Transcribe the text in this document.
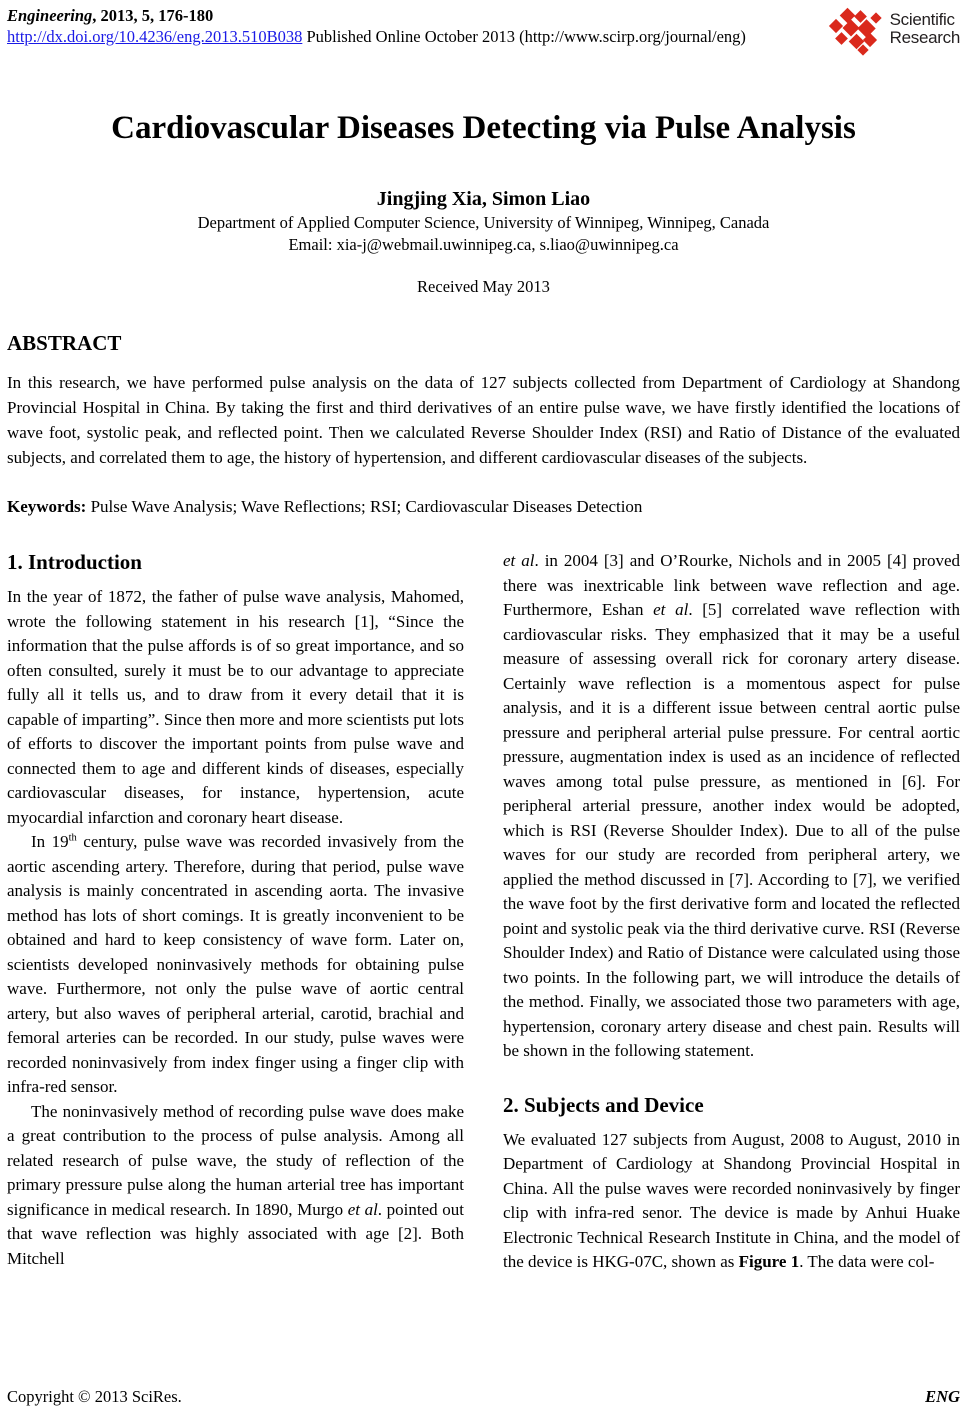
Engineering, 2013, 5, 176-180
http://dx.doi.org/10.4236/eng.2013.510B038 Published Online October 2013 (http://www.scirp.org/journal/eng)
Scientific
Research
Cardiovascular Diseases Detecting via Pulse Analysis
Jingjing Xia, Simon Liao
Department of Applied Computer Science, University of Winnipeg, Winnipeg, Canada
Email: xia-j@webmail.uwinnipeg.ca, s.liao@uwinnipeg.ca
Received May 2013
ABSTRACT

In this research, we have performed pulse analysis on the data of 127 subjects collected from Department of Cardiology at Shandong Provincial Hospital in China. By taking the first and third derivatives of an entire pulse wave, we have firstly identified the locations of wave foot, systolic peak, and reflected point. Then we calculated Reverse Shoulder Index (RSI) and Ratio of Distance of the evaluated subjects, and correlated them to age, the history of hypertension, and different cardiovascular diseases of the subjects.

Keywords: Pulse Wave Analysis; Wave Reflections; RSI; Cardiovascular Diseases Detection

1. Introduction

In the year of 1872, the father of pulse wave analysis, Mahomed, wrote the following statement in his research [1], “Since the information that the pulse affords is of so great importance, and so often consulted, surely it must be to our advantage to appreciate fully all it tells us, and to draw from it every detail that it is capable of imparting”. Since then more and more scientists put lots of efforts to discover the important points from pulse wave and connected them to age and different kinds of diseases, especially cardiovascular diseases, for instance, hypertension, acute myocardial infarction and coronary heart disease.

In 19th century, pulse wave was recorded invasively from the aortic ascending artery. Therefore, during that period, pulse wave analysis is mainly concentrated in ascending aorta. The invasive method has lots of short comings. It is greatly inconvenient to be obtained and hard to keep consistency of wave form. Later on, scientists developed noninvasively methods for obtaining pulse wave. Furthermore, not only the pulse wave of aortic central artery, but also waves of peripheral arterial, carotid, brachial and femoral arteries can be recorded. In our study, pulse waves were recorded noninvasively from index finger using a finger clip with infra-red sensor.

The noninvasively method of recording pulse wave does make a great contribution to the process of pulse analysis. Among all related research of pulse wave, the study of reflection of the primary pressure pulse along the human arterial tree has important significance in medical research. In 1890, Murgo et al. pointed out that wave reflection was highly associated with age [2]. Both Mitchell

et al. in 2004 [3] and O’Rourke, Nichols and in 2005 [4] proved there was inextricable link between wave reflection and age. Furthermore, Eshan et al. [5] correlated wave reflection with cardiovascular risks. They emphasized that it may be a useful measure of assessing overall rick for coronary artery disease. Certainly wave reflection is a momentous aspect for pulse analysis, and it is a different issue between central aortic pulse pressure and peripheral arterial pulse pressure. For central aortic pressure, augmentation index is used as an incidence of reflected waves among total pulse pressure, as mentioned in [6]. For peripheral arterial pressure, another index would be adopted, which is RSI (Reverse Shoulder Index). Due to all of the pulse waves for our study are recorded from peripheral artery, we applied the method discussed in [7]. According to [7], we verified the wave foot by the first derivative form and located the reflected point and systolic peak via the third derivative curve. RSI (Reverse Shoulder Index) and Ratio of Distance were calculated using those two points. In the following part, we will introduce the details of the method. Finally, we associated those two parameters with age, hypertension, coronary artery disease and chest pain. Results will be shown in the following statement.

2. Subjects and Device

We evaluated 127 subjects from August, 2008 to August, 2010 in Department of Cardiology at Shandong Provincial Hospital in China. All the pulse waves were recorded noninvasively by finger clip with infra-red senor. The device is made by Anhui Huake Electronic Technical Research Institute in China, and the model of the device is HKG-07C, shown as Figure 1. The data were col-

Copyright © 2013 SciRes.	ENG
